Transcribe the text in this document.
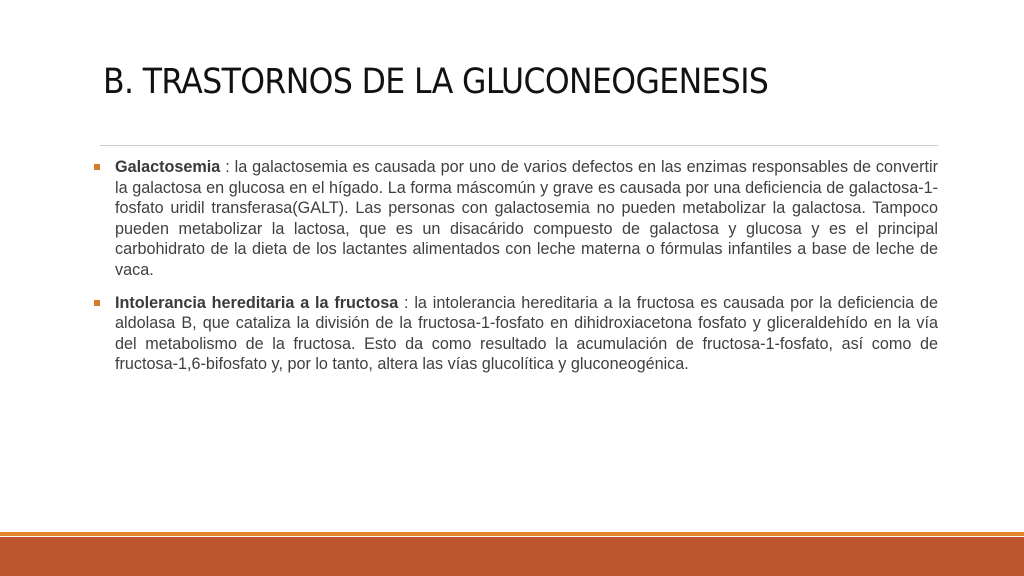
B. TRASTORNOS DE LA GLUCONEOGENESIS
Galactosemia : la galactosemia es causada por uno de varios defectos en las enzimas responsables de convertir la galactosa en glucosa en el hígado. La forma máscomún y grave es causada por una deficiencia de galactosa-1-fosfato uridil transferasa(GALT). Las personas con galactosemia no pueden metabolizar la galactosa. Tampoco pueden metabolizar la lactosa, que es un disacárido compuesto de galactosa y glucosa y es el principal carbohidrato de la dieta de los lactantes alimentados con leche materna o fórmulas infantiles a base de leche de vaca.
Intolerancia hereditaria a la fructosa : la intolerancia hereditaria a la fructosa es causada por la deficiencia de aldolasa B, que cataliza la división de la fructosa-1-fosfato en dihidroxiacetona fosfato y gliceraldehído en la vía del metabolismo de la fructosa. Esto da como resultado la acumulación de fructosa-1-fosfato, así como de fructosa-1,6-bifosfato y, por lo tanto, altera las vías glucolítica y gluconeogénica.
